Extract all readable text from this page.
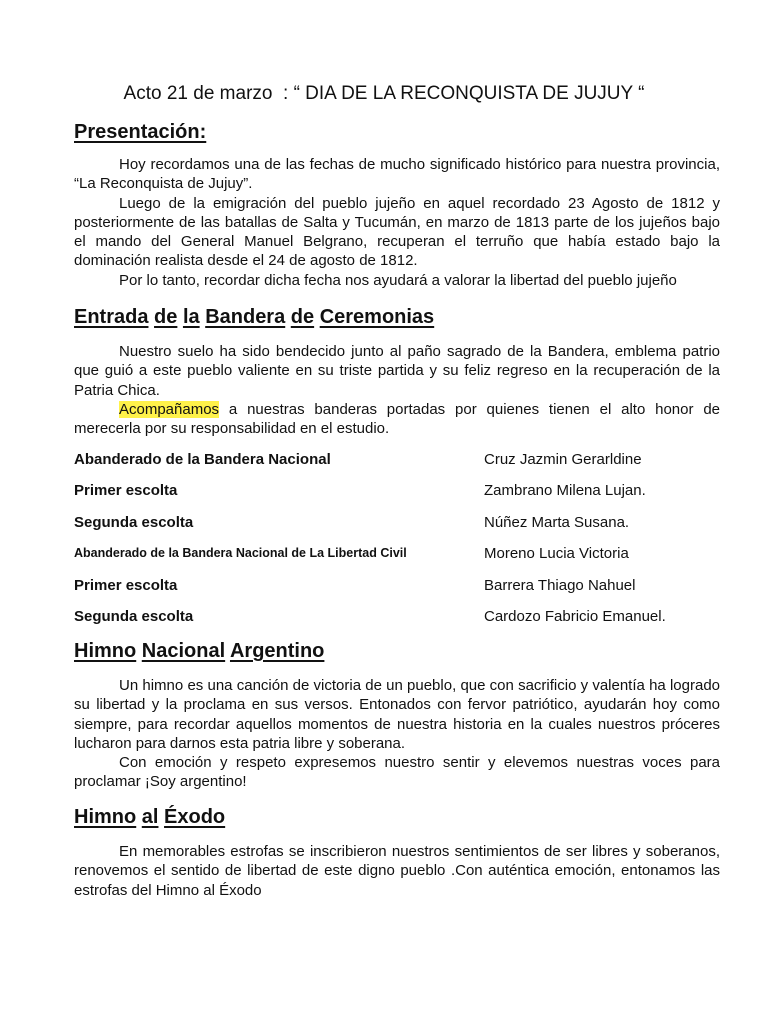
Acto 21 de marzo  : “ DIA DE LA RECONQUISTA DE JUJUY “
Presentación:

Hoy recordamos una de las fechas de mucho significado histórico para nuestra provincia, “La Reconquista de Jujuy”.

Luego de la emigración del pueblo jujeño en aquel recordado 23 Agosto de 1812 y posteriormente de las batallas de Salta y Tucumán, en marzo de 1813 parte de los jujeños bajo el mando del General Manuel Belgrano, recuperan el terruño que había estado bajo la dominación realista desde el 24 de agosto de 1812.

Por lo tanto, recordar dicha fecha nos ayudará a valorar la libertad del pueblo jujeño

Entrada de la Bandera de Ceremonias

Nuestro suelo ha sido bendecido junto al paño sagrado de la Bandera, emblema patrio que guió a este pueblo valiente en su triste partida y su feliz regreso en la recuperación de la Patria Chica.

Acompañamos a nuestras banderas portadas por quienes tienen el alto honor de merecerla por su responsabilidad en el estudio.

Abanderado de la Bandera Nacional	Cruz Jazmin Gerarldine
Primer escolta	Zambrano Milena Lujan.
Segunda escolta	Núñez Marta Susana.
Abanderado de la Bandera Nacional de La Libertad Civil	Moreno Lucia Victoria
Primer escolta	Barrera Thiago Nahuel
Segunda escolta	Cardozo Fabricio Emanuel.
Himno Nacional Argentino

Un himno es una canción de victoria de un pueblo, que con sacrificio y valentía ha logrado su libertad y la proclama en sus versos. Entonados con fervor patriótico, ayudarán hoy como siempre, para recordar aquellos momentos de nuestra historia en la cuales nuestros próceres lucharon para darnos esta patria libre y soberana.

Con emoción y respeto expresemos nuestro sentir y elevemos nuestras voces para proclamar ¡Soy argentino!

Himno al Éxodo

En memorables estrofas se inscribieron nuestros sentimientos de ser libres y soberanos, renovemos el sentido de libertad de este digno pueblo .Con auténtica emoción, entonamos las estrofas del Himno al Éxodo
